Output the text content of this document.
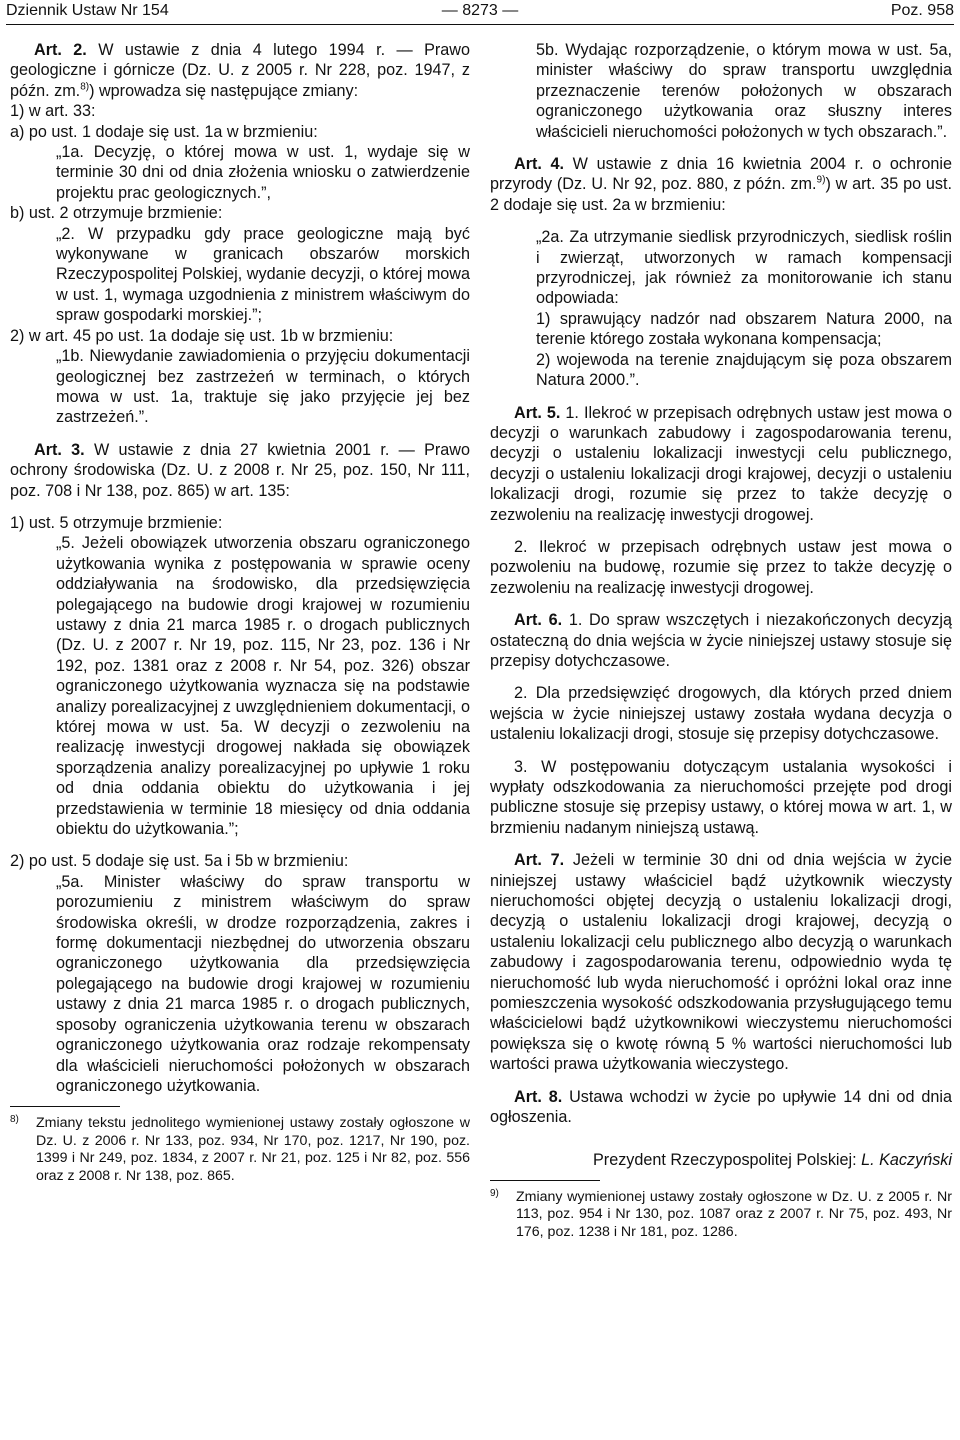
Dziennik Ustaw Nr 154	— 8273 —	Poz. 958

Art. 2. W ustawie z dnia 4 lutego 1994 r. — Prawo geologiczne i górnicze (Dz. U. z 2005 r. Nr 228, poz. 1947, z późn. zm.$^{8)}$) wprowadza się następujące zmiany:

1) w art. 33:

a) po ust. 1 dodaje się ust. 1a w brzmieniu:

„1a. Decyzję, o której mowa w ust. 1, wydaje się w terminie 30 dni od dnia złożenia wniosku o zatwierdzenie projektu prac geologicznych.”,

b) ust. 2 otrzymuje brzmienie:

„2. W przypadku gdy prace geologiczne mają być wykonywane w granicach obszarów morskich Rzeczypospolitej Polskiej, wydanie decyzji, o której mowa w ust. 1, wymaga uzgodnienia z ministrem właściwym do spraw gospodarki morskiej.”;

2) w art. 45 po ust. 1a dodaje się ust. 1b w brzmieniu:

„1b. Niewydanie zawiadomienia o przyjęciu dokumentacji geologicznej bez zastrzeżeń w terminach, o których mowa w ust. 1a, traktuje się jako przyjęcie jej bez zastrzeżeń.”.

Art. 3. W ustawie z dnia 27 kwietnia 2001 r. — Prawo ochrony środowiska (Dz. U. z 2008 r. Nr 25, poz. 150, Nr 111, poz. 708 i Nr 138, poz. 865) w art. 135:

1) ust. 5 otrzymuje brzmienie:

„5. Jeżeli obowiązek utworzenia obszaru ograniczonego użytkowania wynika z postępowania w sprawie oceny oddziaływania na środowisko, dla przedsięwzięcia polegającego na budowie drogi krajowej w rozumieniu ustawy z dnia 21 marca 1985 r. o drogach publicznych (Dz. U. z 2007 r. Nr 19, poz. 115, Nr 23, poz. 136 i Nr 192, poz. 1381 oraz z 2008 r. Nr 54, poz. 326) obszar ograniczonego użytkowania wyznacza się na podstawie analizy porealizacyjnej z uwzględnieniem dokumentacji, o której mowa w ust. 5a. W decyzji o zezwoleniu na realizację inwestycji drogowej nakłada się obowiązek sporządzenia analizy porealizacyjnej po upływie 1 roku od dnia oddania obiektu do użytkowania i jej przedstawienia w terminie 18 miesięcy od dnia oddania obiektu do użytkowania.”;

2) po ust. 5 dodaje się ust. 5a i 5b w brzmieniu:

„5a. Minister właściwy do spraw transportu w porozumieniu z ministrem właściwym do spraw środowiska określi, w drodze rozporządzenia, zakres i formę dokumentacji niezbędnej do utworzenia obszaru ograniczonego użytkowania dla przedsięwzięcia polegającego na budowie drogi krajowej w rozumieniu ustawy z dnia 21 marca 1985 r. o drogach publicznych, sposoby ograniczenia użytkowania terenu w obszarach ograniczonego użytkowania oraz rodzaje rekompensaty dla właścicieli nieruchomości położonych w obszarach ograniczonego użytkowania.

8) Zmiany tekstu jednolitego wymienionej ustawy zostały ogłoszone w Dz. U. z 2006 r. Nr 133, poz. 934, Nr 170, poz. 1217, Nr 190, poz. 1399 i Nr 249, poz. 1834, z 2007 r. Nr 21, poz. 125 i Nr 82, poz. 556 oraz z 2008 r. Nr 138, poz. 865.

5b. Wydając rozporządzenie, o którym mowa w ust. 5a, minister właściwy do spraw transportu uwzględnia przeznaczenie terenów położonych w obszarach ograniczonego użytkowania oraz słuszny interes właścicieli nieruchomości położonych w tych obszarach.”.

Art. 4. W ustawie z dnia 16 kwietnia 2004 r. o ochronie przyrody (Dz. U. Nr 92, poz. 880, z późn. zm.$^{9)}$) w art. 35 po ust. 2 dodaje się ust. 2a w brzmieniu:

„2a. Za utrzymanie siedlisk przyrodniczych, siedlisk roślin i zwierząt, utworzonych w ramach kompensacji przyrodniczej, jak również za monitorowanie ich stanu odpowiada:

1) sprawujący nadzór nad obszarem Natura 2000, na terenie którego została wykonana kompensacja;

2) wojewoda na terenie znajdującym się poza obszarem Natura 2000.”.

Art. 5. 1. Ilekroć w przepisach odrębnych ustaw jest mowa o decyzji o warunkach zabudowy i zagospodarowania terenu, decyzji o ustaleniu lokalizacji inwestycji celu publicznego, decyzji o ustaleniu lokalizacji drogi krajowej, decyzji o ustaleniu lokalizacji drogi, rozumie się przez to także decyzję o zezwoleniu na realizację inwestycji drogowej.

2. Ilekroć w przepisach odrębnych ustaw jest mowa o pozwoleniu na budowę, rozumie się przez to także decyzję o zezwoleniu na realizację inwestycji drogowej.

Art. 6. 1. Do spraw wszczętych i niezakończonych decyzją ostateczną do dnia wejścia w życie niniejszej ustawy stosuje się przepisy dotychczasowe.

2. Dla przedsięwzięć drogowych, dla których przed dniem wejścia w życie niniejszej ustawy została wydana decyzja o ustaleniu lokalizacji drogi, stosuje się przepisy dotychczasowe.

3. W postępowaniu dotyczącym ustalania wysokości i wypłaty odszkodowania za nieruchomości przejęte pod drogi publiczne stosuje się przepisy ustawy, o której mowa w art. 1, w brzmieniu nadanym niniejszą ustawą.

Art. 7. Jeżeli w terminie 30 dni od dnia wejścia w życie niniejszej ustawy właściciel bądź użytkownik wieczysty nieruchomości objętej decyzją o ustaleniu lokalizacji drogi, decyzją o ustaleniu lokalizacji drogi krajowej, decyzją o ustaleniu lokalizacji celu publicznego albo decyzją o warunkach zabudowy i zagospodarowania terenu, odpowiednio wyda tę nieruchomość lub wyda nieruchomość i opróżni lokal oraz inne pomieszczenia wysokość odszkodowania przysługującego temu właścicielowi bądź użytkownikowi wieczystemu nieruchomości powiększa się o kwotę równą 5 % wartości nieruchomości lub wartości prawa użytkowania wieczystego.

Art. 8. Ustawa wchodzi w życie po upływie 14 dni od dnia ogłoszenia.

Prezydent Rzeczypospolitej Polskiej: L. Kaczyński

9) Zmiany wymienionej ustawy zostały ogłoszone w Dz. U. z 2005 r. Nr 113, poz. 954 i Nr 130, poz. 1087 oraz z 2007 r. Nr 75, poz. 493, Nr 176, poz. 1238 i Nr 181, poz. 1286.
